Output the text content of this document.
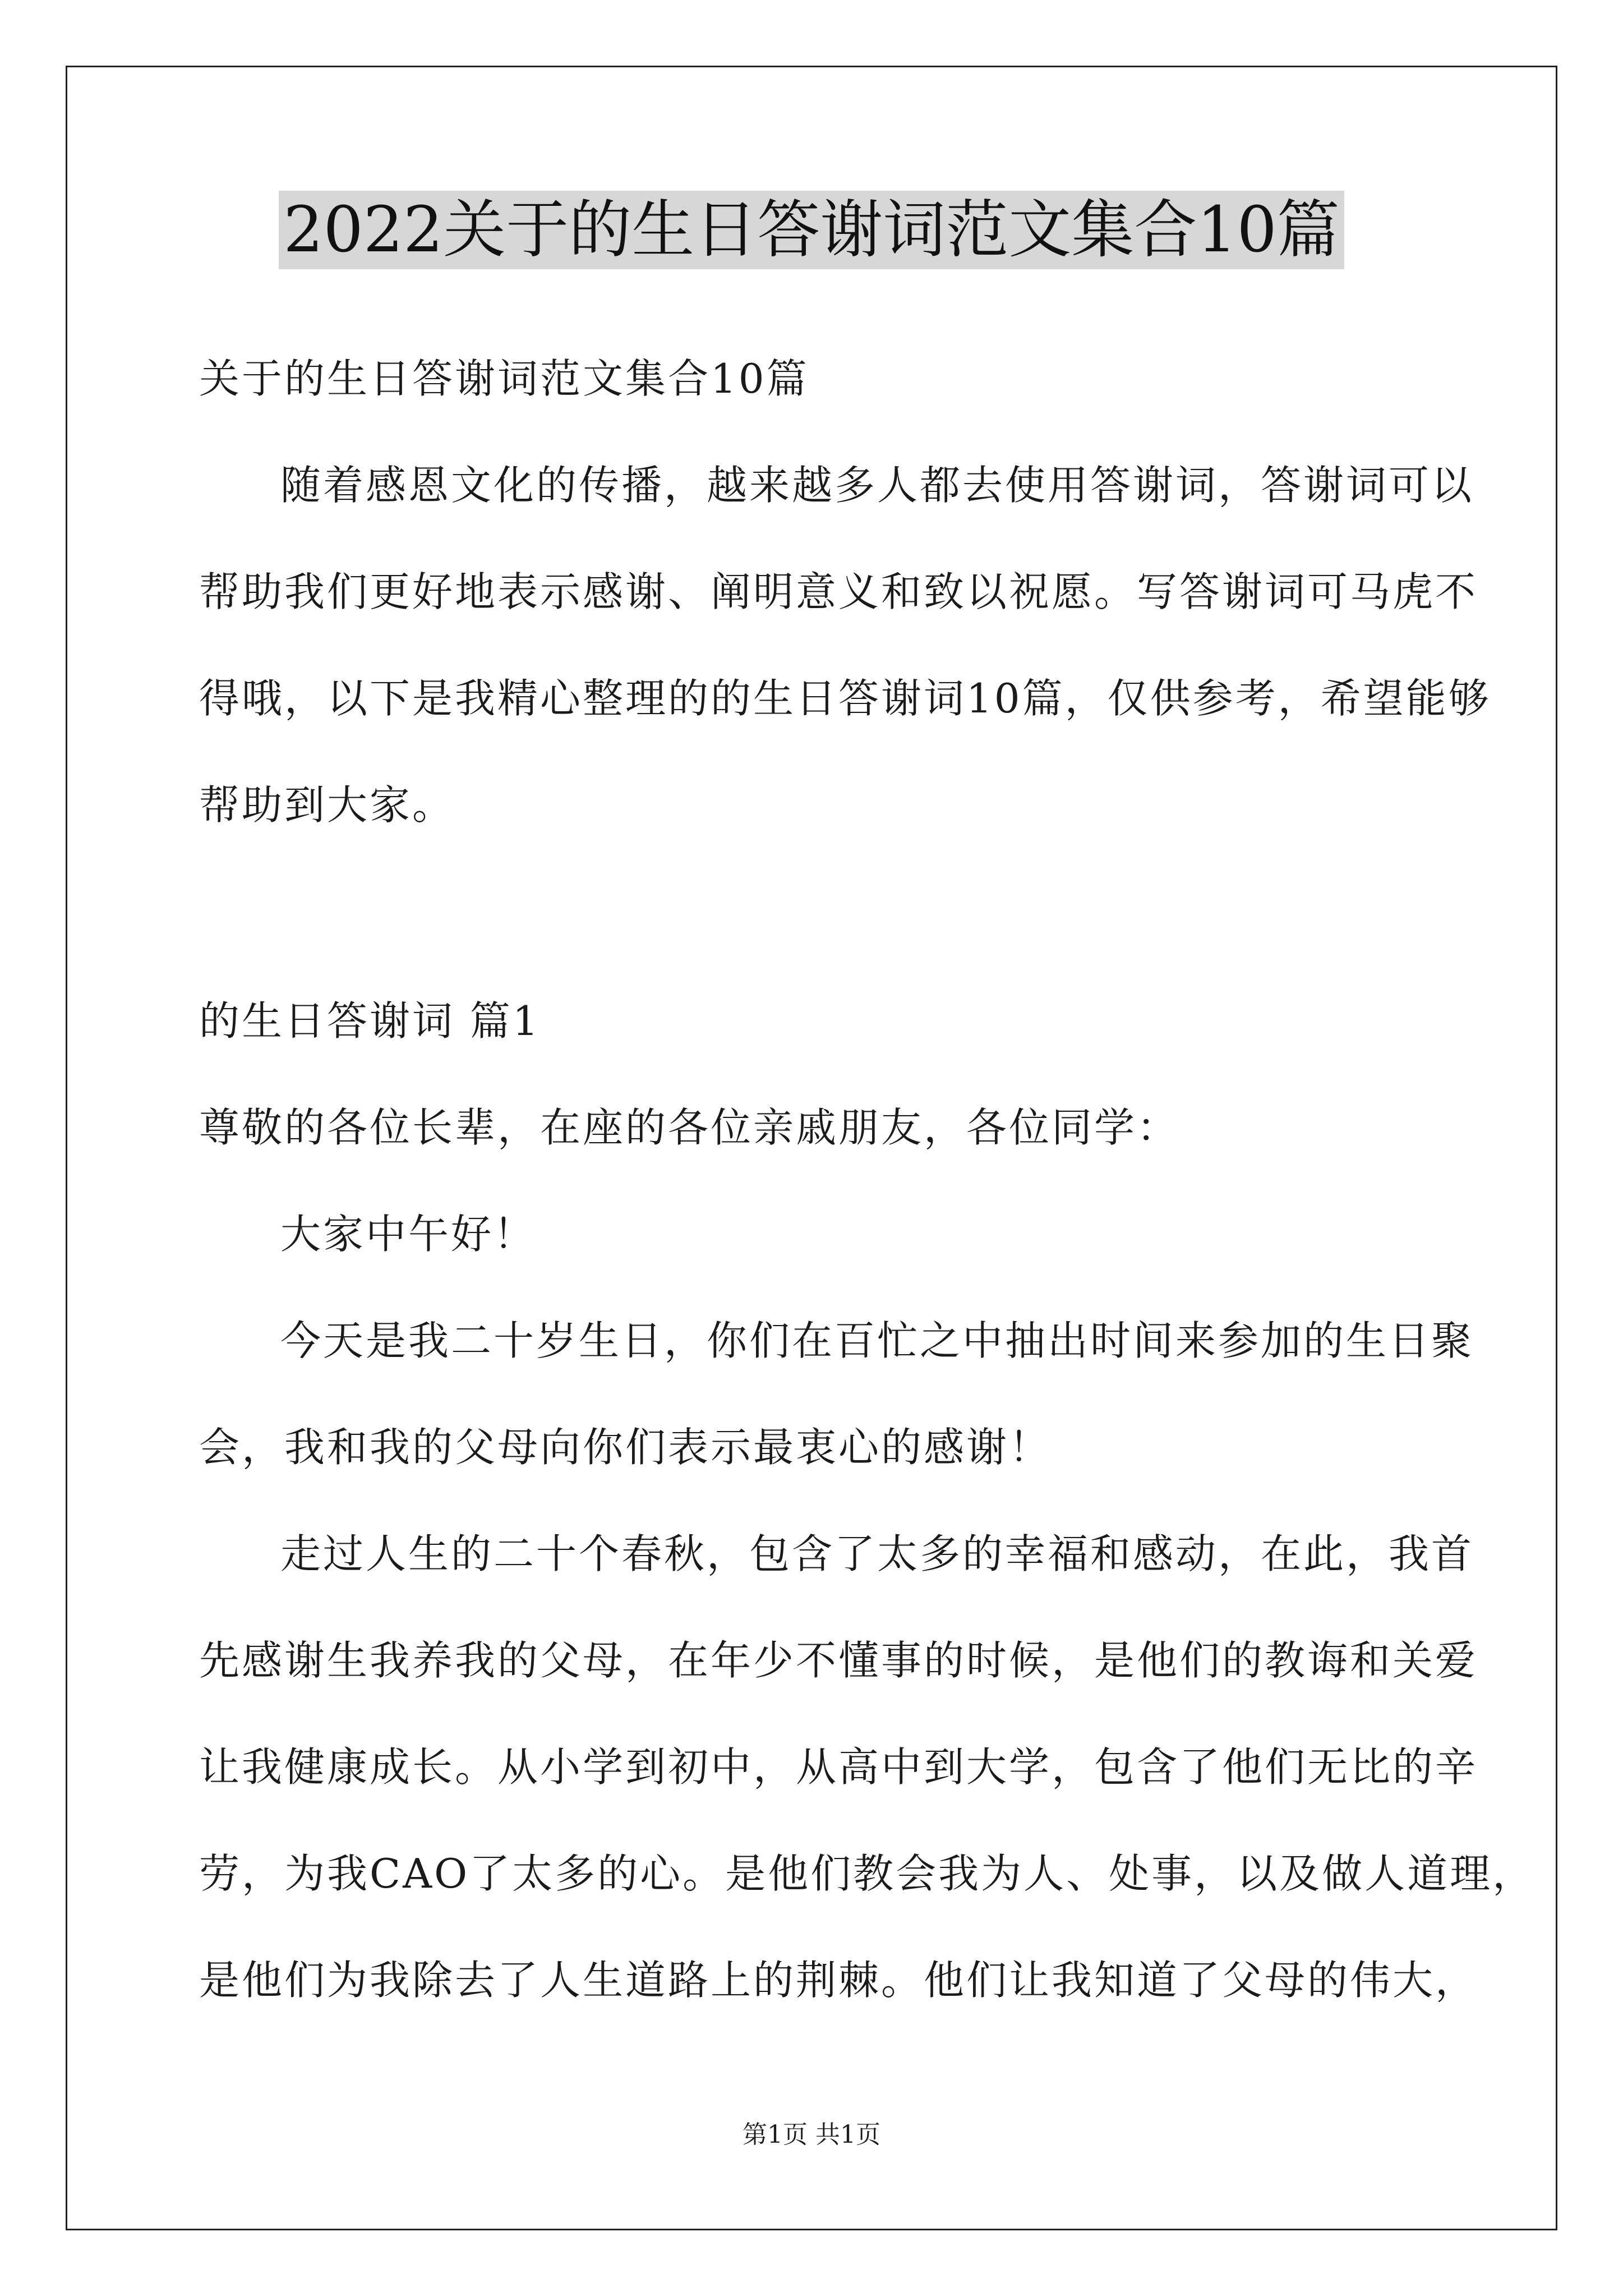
2022关于的生日答谢词范文集合10篇
关于的生日答谢词范文集合10篇
随着感恩文化的传播，越来越多人都去使用答谢词，答谢词可以
帮助我们更好地表示感谢、阐明意义和致以祝愿。写答谢词可马虎不
得哦，以下是我精心整理的的生日答谢词10篇，仅供参考，希望能够
帮助到大家。
的生日答谢词 篇1
尊敬的各位长辈，在座的各位亲戚朋友，各位同学：
大家中午好！
今天是我二十岁生日，你们在百忙之中抽出时间来参加的生日聚
会，我和我的父母向你们表示最衷心的感谢！
走过人生的二十个春秋，包含了太多的幸福和感动，在此，我首
先感谢生我养我的父母，在年少不懂事的时候，是他们的教诲和关爱
让我健康成长。从小学到初中，从高中到大学，包含了他们无比的辛
劳，为我CAO了太多的心。是他们教会我为人、处事，以及做人道理，
是他们为我除去了人生道路上的荆棘。他们让我知道了父母的伟大，
第1页 共1页
